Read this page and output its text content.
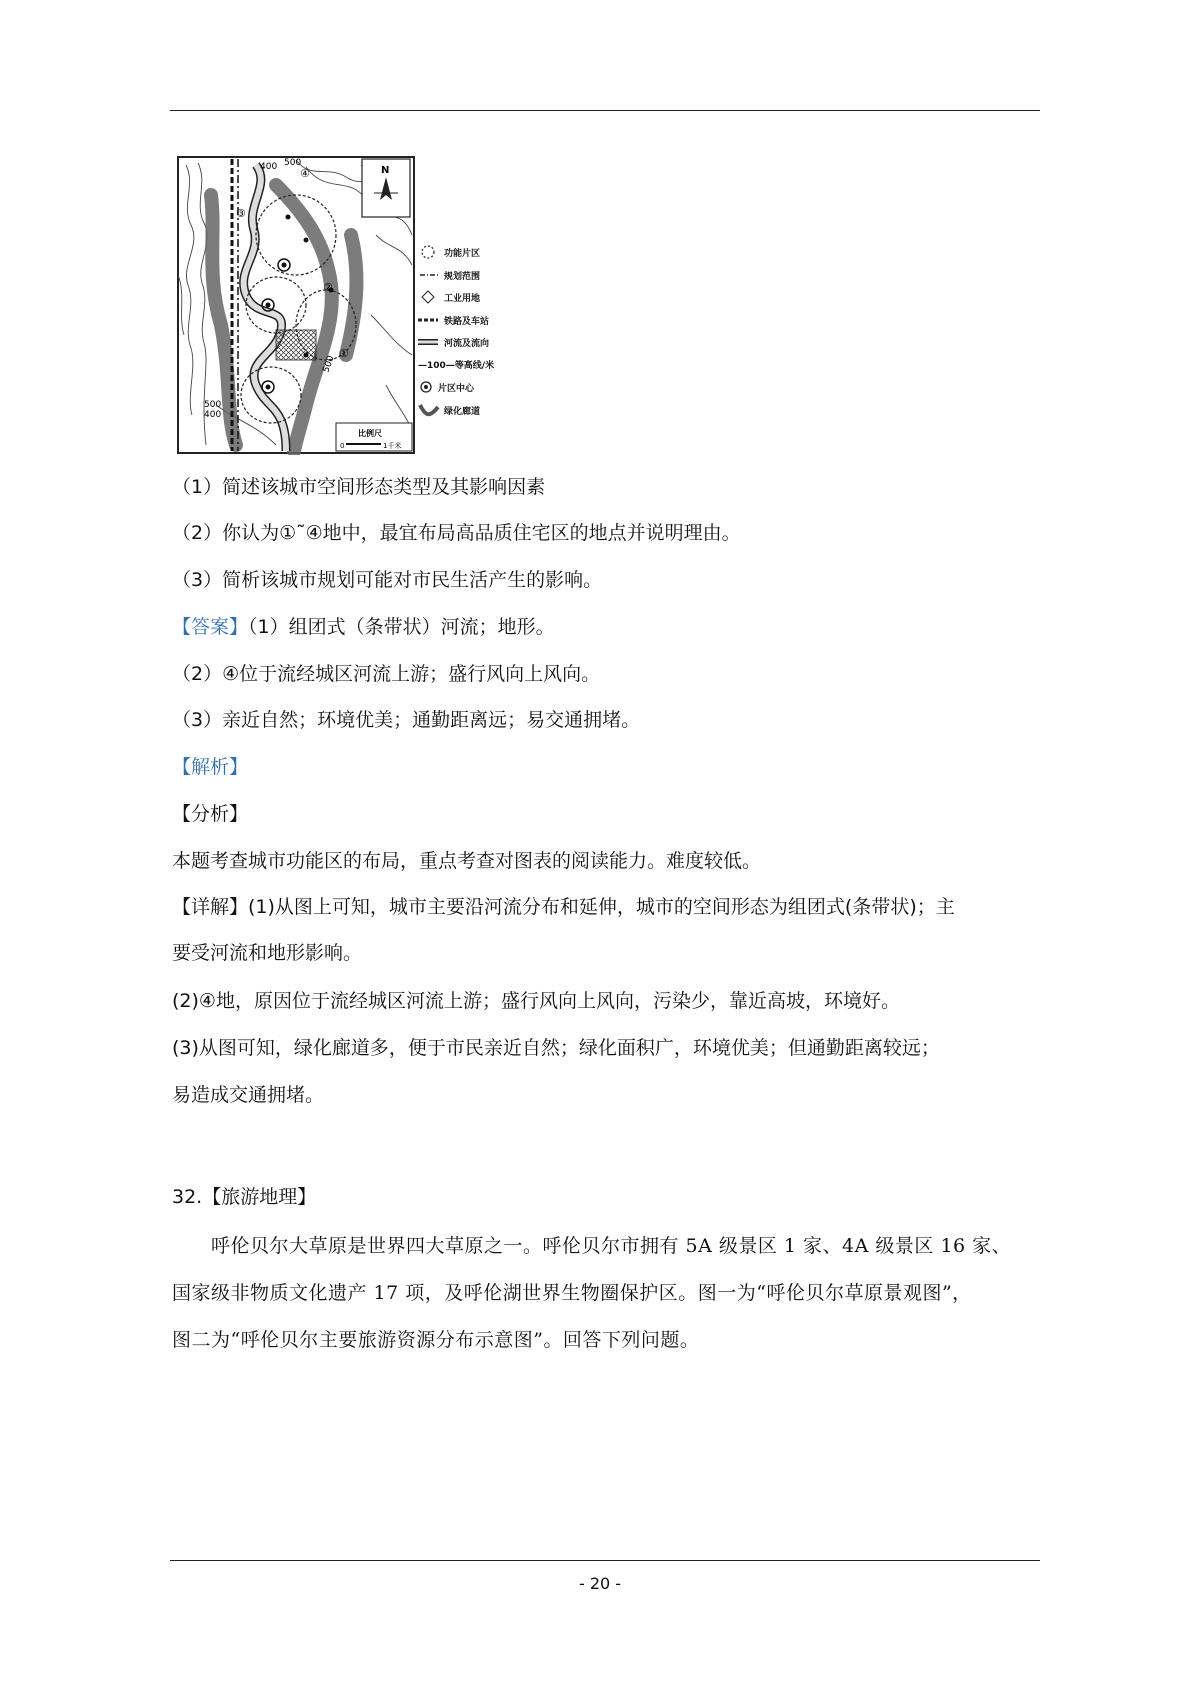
④
③
②
①
500
400
500
400
500
N
比例尺
0	1千米
功能片区
规划范围
工业用地
铁路及车站
河流及流向
—100—等高线/米
片区中心
绿化廊道
（1）简述该城市空间形态类型及其影响因素
（2）你认为①˜④地中，最宜布局高品质住宅区的地点并说明理由。
（3）简析该城市规划可能对市民生活产生的影响。
【答案】（1）组团式（条带状）河流；地形。
（2）④位于流经城区河流上游；盛行风向上风向。
（3）亲近自然；环境优美；通勤距离远；易交通拥堵。
【解析】
【分析】
本题考查城市功能区的布局，重点考查对图表的阅读能力。难度较低。
【详解】(1)从图上可知，城市主要沿河流分布和延伸，城市的空间形态为组团式(条带状)；主
要受河流和地形影响。
(2)④地，原因位于流经城区河流上游；盛行风向上风向，污染少，靠近高坡，环境好。
(3)从图可知，绿化廊道多，便于市民亲近自然；绿化面积广，环境优美；但通勤距离较远；
易造成交通拥堵。
32.【旅游地理】
　　呼伦贝尔大草原是世界四大草原之一。呼伦贝尔市拥有 5A 级景区 1 家、4A 级景区 16 家、
国家级非物质文化遗产 17 项，及呼伦湖世界生物圈保护区。图一为“呼伦贝尔草原景观图”，
图二为“呼伦贝尔主要旅游资源分布示意图”。回答下列问题。
- 20 -
